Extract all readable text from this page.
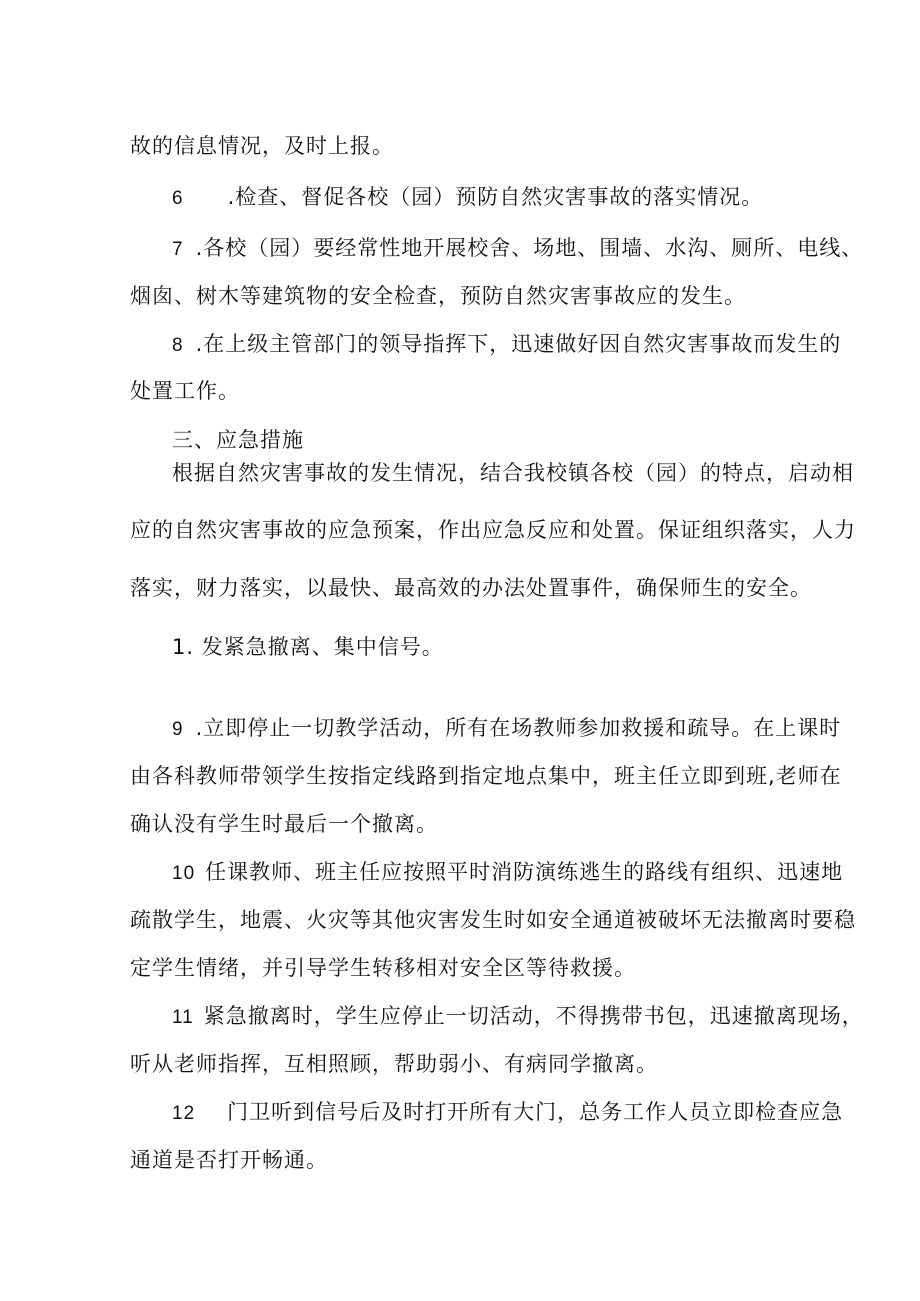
故的信息情况，及时上报。
6 .检查、督促各校（园）预防自然灾害事故的落实情况。
7 .各校（园）要经常性地开展校舍、场地、围墙、水沟、厕所、电线、
烟囱、树木等建筑物的安全检查，预防自然灾害事故应的发生。
8 .在上级主管部门的领导指挥下，迅速做好因自然灾害事故而发生的
处置工作。
三、应急措施
根据自然灾害事故的发生情况，结合我校镇各校（园）的特点，启动相
应的自然灾害事故的应急预案，作出应急反应和处置。保证组织落实，人力
落实，财力落实，以最快、最高效的办法处置事件，确保师生的安全。
1. 发紧急撤离、集中信号。
9 .立即停止一切教学活动，所有在场教师参加救援和疏导。在上课时
由各科教师带领学生按指定线路到指定地点集中，班主任立即到班,老师在
确认没有学生时最后一个撤离。
10 任课教师、班主任应按照平时消防演练逃生的路线有组织、迅速地
疏散学生，地震、火灾等其他灾害发生时如安全通道被破坏无法撤离时要稳
定学生情绪，并引导学生转移相对安全区等待救援。
11 紧急撤离时，学生应停止一切活动，不得携带书包，迅速撤离现场，
听从老师指挥，互相照顾，帮助弱小、有病同学撤离。
12 门卫听到信号后及时打开所有大门，总务工作人员立即检查应急
通道是否打开畅通。
